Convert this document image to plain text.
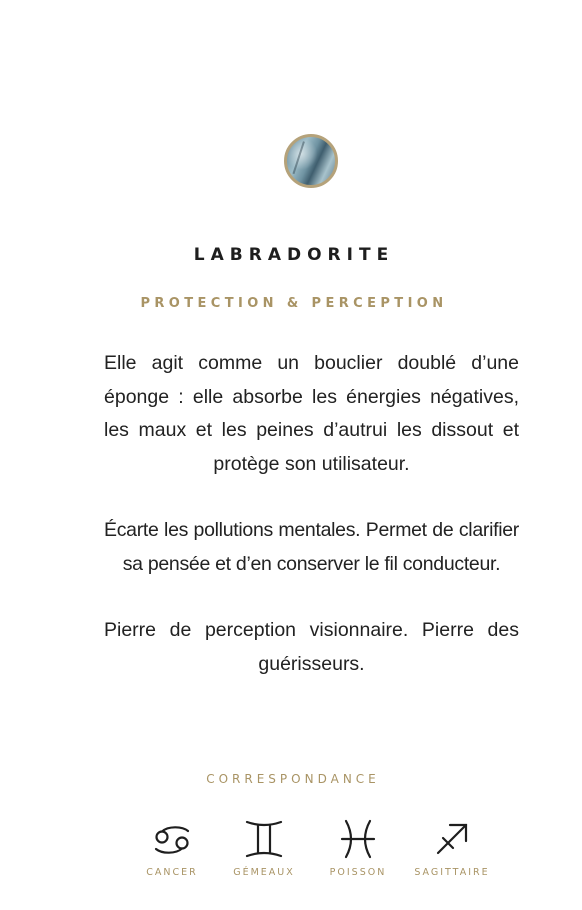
LABRADORITE
PROTECTION & PERCEPTION

Elle agit comme un bouclier doublé d’une éponge : elle absorbe les énergies négatives, les maux et les peines d’autrui les dissout et protège son utilisateur.

Écarte les pollutions mentales. Permet de clarifier sa pensée et d’en conserver le fil conducteur.

Pierre de perception visionnaire. Pierre des guérisseurs.

CORRESPONDANCE
CANCER	GÉMEAUX	POISSON	SAGITTAIRE
